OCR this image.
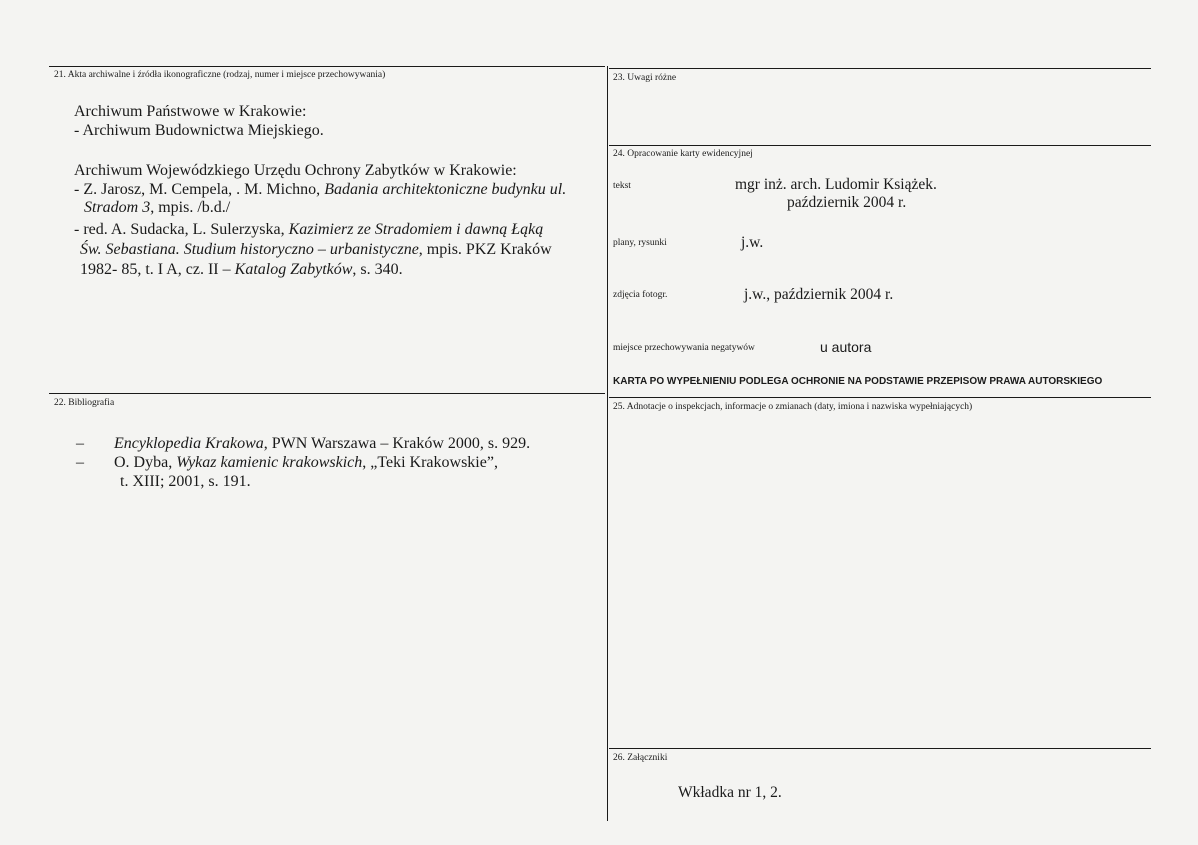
21. Akta archiwalne i źródła ikonograficzne (rodzaj, numer i miejsce przechowywania)
Archiwum Państwowe w Krakowie:
- Archiwum Budownictwa Miejskiego.
Archiwum Wojewódzkiego Urzędu Ochrony Zabytków w Krakowie:
- Z. Jarosz, M. Cempela, . M. Michno, Badania architektoniczne budynku ul.
Stradom 3, mpis. /b.d./
- red. A. Sudacka, L. Sulerzyska, Kazimierz ze Stradomiem i dawną Łąką
Św. Sebastiana. Studium historyczno – urbanistyczne, mpis. PKZ Kraków
1982- 85, t. I A, cz. II – Katalog Zabytków, s. 340.
22. Bibliografia
– Encyklopedia Krakowa, PWN Warszawa – Kraków 2000, s. 929.
– O. Dyba, Wykaz kamienic krakowskich, „Teki Krakowskie”,
t. XIII; 2001, s. 191.
23. Uwagi różne
24. Opracowanie karty ewidencyjnej
tekst	mgr inż. arch. Ludomir Książek.
październik 2004 r.
plany, rysunki	j.w.
zdjęcia fotogr.	j.w., październik 2004 r.
miejsce przechowywania negatywów	u autora
KARTA PO WYPEŁNIENIU PODLEGA OCHRONIE NA PODSTAWIE PRZEPISÓW PRAWA AUTORSKIEGO
25. Adnotacje o inspekcjach, informacje o zmianach (daty, imiona i nazwiska wypełniających)
26. Załączniki
Wkładka nr 1, 2.
